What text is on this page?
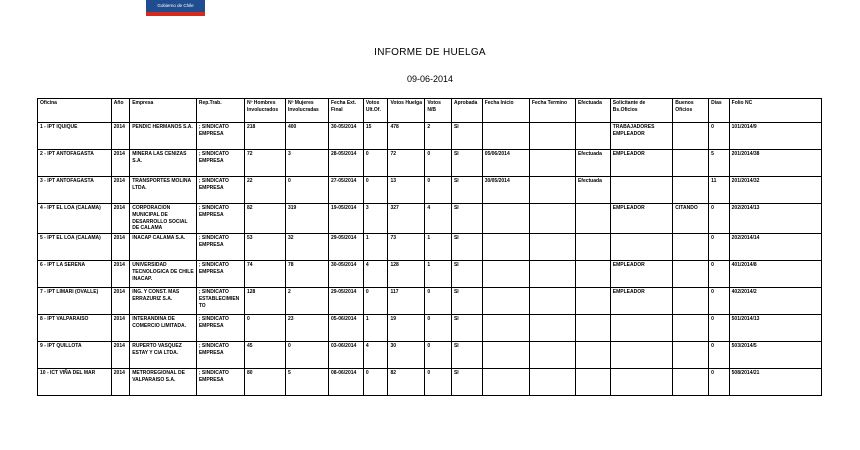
Gobierno de Chile
INFORME DE HUELGA
09-06-2014
Oficina	Año	Empresa	Rep.Trab.	Nº Hombres Involucrados	Nº Mujeres Involucradas	Fecha Ext. Final	Votos Ult.Of.	Votos Huelga	Votos N/B	Aprobada	Fecha Inicio	Fecha Termino	Efectuada	Solicitante de Bs.Oficios	Buenos Oficios	Días	Folio NC
1 - IPT IQUIQUE	2014	PENDIC HERMANOS S.A.	; SINDICATO EMPRESA	218	400	30-05/2014	15	478	2	SI				TRABAJADORES EMPLEADOR		0	101/2014/9
2 - IPT ANTOFAGASTA	2014	MINERA LAS CENIZAS S.A.	; SINDICATO EMPRESA	72	3	28-05/2014	0	72	0	SI	05/06/2014		Efectuada	EMPLEADOR		5	201/2014/38
3 - IPT ANTOFAGASTA	2014	TRANSPORTES MOLINA LTDA.	; SINDICATO EMPRESA	22	0	27-05/2014	0	13	0	SI	30/05/2014		Efectuada			11	201/2014/32
4 - IPT EL LOA (CALAMA)	2014	CORPORACION MUNICIPAL DE DESARROLLO SOCIAL DE CALAMA	; SINDICATO EMPRESA	82	319	19-05/2014	3	327	4	SI				EMPLEADOR	CITANDO	0	202/2014/13
5 - IPT EL LOA (CALAMA)	2014	INACAP CALAMA S.A.	; SINDICATO EMPRESA	53	32	29-05/2014	1	73	1	SI						0	202/2014/14
6 - IPT LA SERENA	2014	UNIVERSIDAD TECNOLOGICA DE CHILE INACAP.	; SINDICATO EMPRESA	74	78	30-05/2014	4	128	1	SI				EMPLEADOR		0	401/2014/8
7 - IPT LIMARI (OVALLE)	2014	ING. Y CONST. MAS ERRAZURIZ S.A.	; SINDICATO ESTABLECIMIENTO	128	2	29-05/2014	0	117	0	SI				EMPLEADOR		0	402/2014/2
8 - IPT VALPARAISO	2014	INTERANDINA DE COMERCIO LIMITADA.	; SINDICATO EMPRESA	0	23	05-06/2014	1	19	0	SI						0	501/2014/13
9 - IPT QUILLOTA	2014	RUPERTO VASQUEZ ESTAY Y CIA LTDA.	; SINDICATO EMPRESA	45	0	03-06/2014	4	30	0	SI						0	503/2014/5
10 - ICT VIÑA DEL MAR	2014	METROREGIONAL DE VALPARAISO S.A.	; SINDICATO EMPRESA	80	5	08-06/2014	0	82	0	SI						0	508/2014/21
